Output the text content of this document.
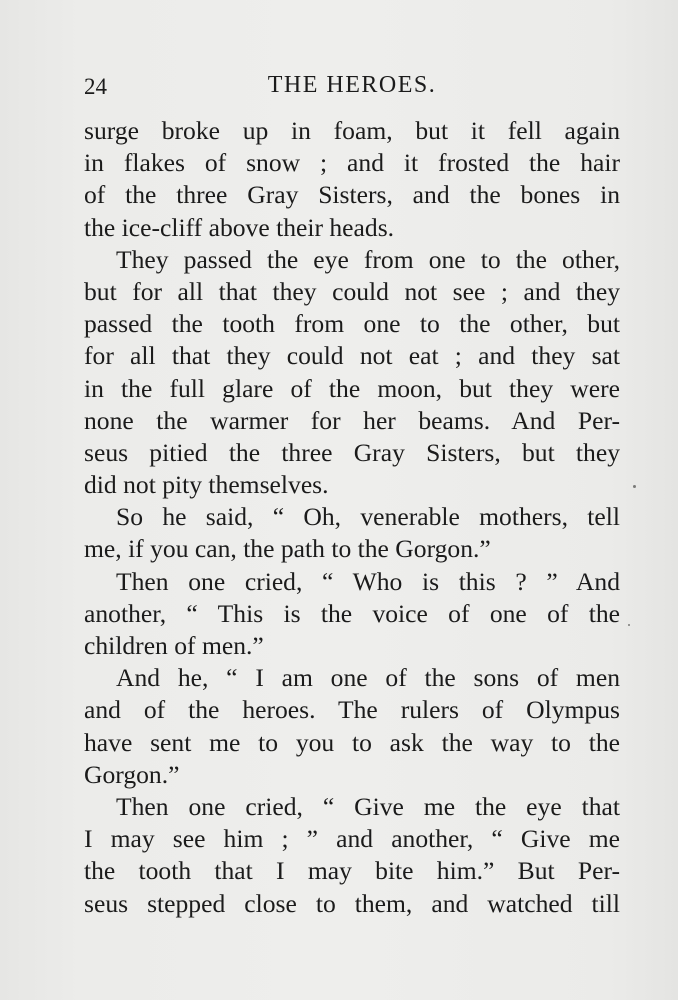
24	THE HEROES.
surge broke up in foam, but it fell again
in flakes of snow ; and it frosted the hair
of the three Gray Sisters, and the bones in
the ice-cliff above their heads.
They passed the eye from one to the other,
but for all that they could not see ; and they
passed the tooth from one to the other, but
for all that they could not eat ; and they sat
in the full glare of the moon, but they were
none the warmer for her beams. And Per-
seus pitied the three Gray Sisters, but they
did not pity themselves.
So he said, “ Oh, venerable mothers, tell
me, if you can, the path to the Gorgon.”
Then one cried, “ Who is this ? ” And
another, “ This is the voice of one of the
children of men.”
And he, “ I am one of the sons of men
and of the heroes. The rulers of Olympus
have sent me to you to ask the way to the
Gorgon.”
Then one cried, “ Give me the eye that
I may see him ; ” and another, “ Give me
the tooth that I may bite him.” But Per-
seus stepped close to them, and watched till
